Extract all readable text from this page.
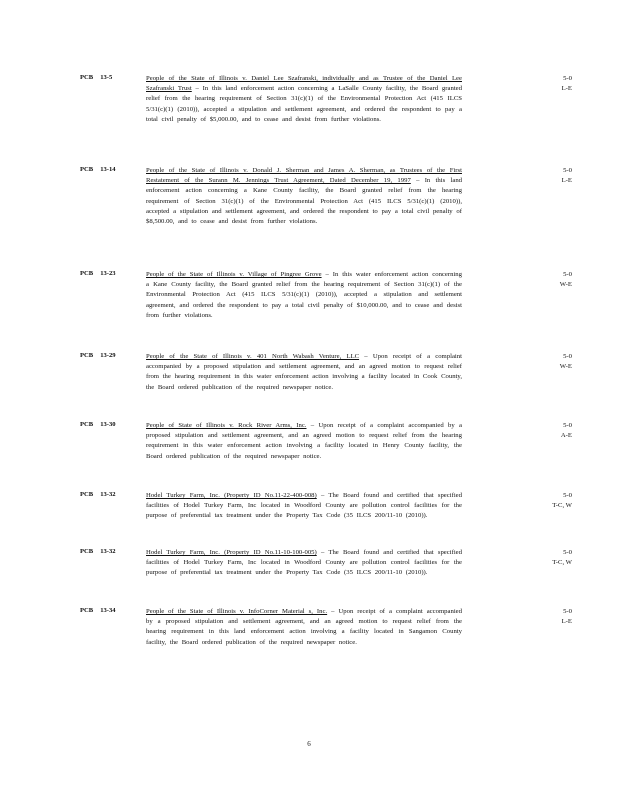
PCB 13-5	People of the State of Illinois v. Daniel Lee Szafranski, individually and as Trustee of the Daniel Lee Szafranski Trust – In this land enforcement action concerning a LaSalle County facility, the Board granted relief from the hearing requirement of Section 31(c)(1) of the Environmental Protection Act (415 ILCS 5/31(c)(1) (2010)), accepted a stipulation and settlement agreement, and ordered the respondent to pay a total civil penalty of $5,000.00, and to cease and desist from further violations.
5-0
L-E
PCB 13-14	People of the State of Illinois v. Donald J. Sherman and James A. Sherman, as Trustees of the First Restatement of the Surann M. Jennings Trust Agreement, Dated December 19, 1997 – In this land enforcement action concerning a Kane County facility, the Board granted relief from the hearing requirement of Section 31(c)(1) of the Environmental Protection Act (415 ILCS 5/31(c)(1) (2010)), accepted a stipulation and settlement agreement, and ordered the respondent to pay a total civil penalty of $8,500.00, and to cease and desist from further violations.
5-0
L-E
PCB 13-23	People of the State of Illinois v. Village of Pingree Grove – In this water enforcement action concerning a Kane County facility, the Board granted relief from the hearing requirement of Section 31(c)(1) of the Environmental Protection Act (415 ILCS 5/31(c)(1) (2010)), accepted a stipulation and settlement agreement, and ordered the respondent to pay a total civil penalty of $10,000.00, and to cease and desist from further violations.
5-0
W-E
PCB 13-29	People of the State of Illinois v. 401 North Wabash Venture, LLC – Upon receipt of a complaint accompanied by a proposed stipulation and settlement agreement, and an agreed motion to request relief from the hearing requirement in this water enforcement action involving a facility located in Cook County, the Board ordered publication of the required newspaper notice.
5-0
W-E
PCB 13-30	People of State of Illinois v. Rock River Arms, Inc. – Upon receipt of a complaint accompanied by a proposed stipulation and settlement agreement, and an agreed motion to request relief from the hearing requirement in this water enforcement action involving a facility located in Henry County facility, the Board ordered publication of the required newspaper notice.
5-0
A-E
PCB 13-32	Hodel Turkey Farm, Inc. (Property ID No.11-22-400-008) – The Board found and certified that specified facilities of Hodel Turkey Farm, Inc located in Woodford County are pollution control facilities for the purpose of preferential tax treatment under the Property Tax Code (35 ILCS 200/11-10 (2010)).
5-0
T-C, W
PCB 13-32	Hodel Turkey Farm, Inc. (Property ID No.11-10-100-005) – The Board found and certified that specified facilities of Hodel Turkey Farm, Inc located in Woodford County are pollution control facilities for the purpose of preferential tax treatment under the Property Tax Code (35 ILCS 200/11-10 (2010)).
5-0
T-C, W
PCB 13-34	People of the State of Illinois v. InfoCorner Material s, Inc. – Upon receipt of a complaint accompanied by a proposed stipulation and settlement agreement, and an agreed motion to request relief from the hearing requirement in this land enforcement action involving a facility located in Sangamon County facility, the Board ordered publication of the required newspaper notice.
5-0
L-E
6
